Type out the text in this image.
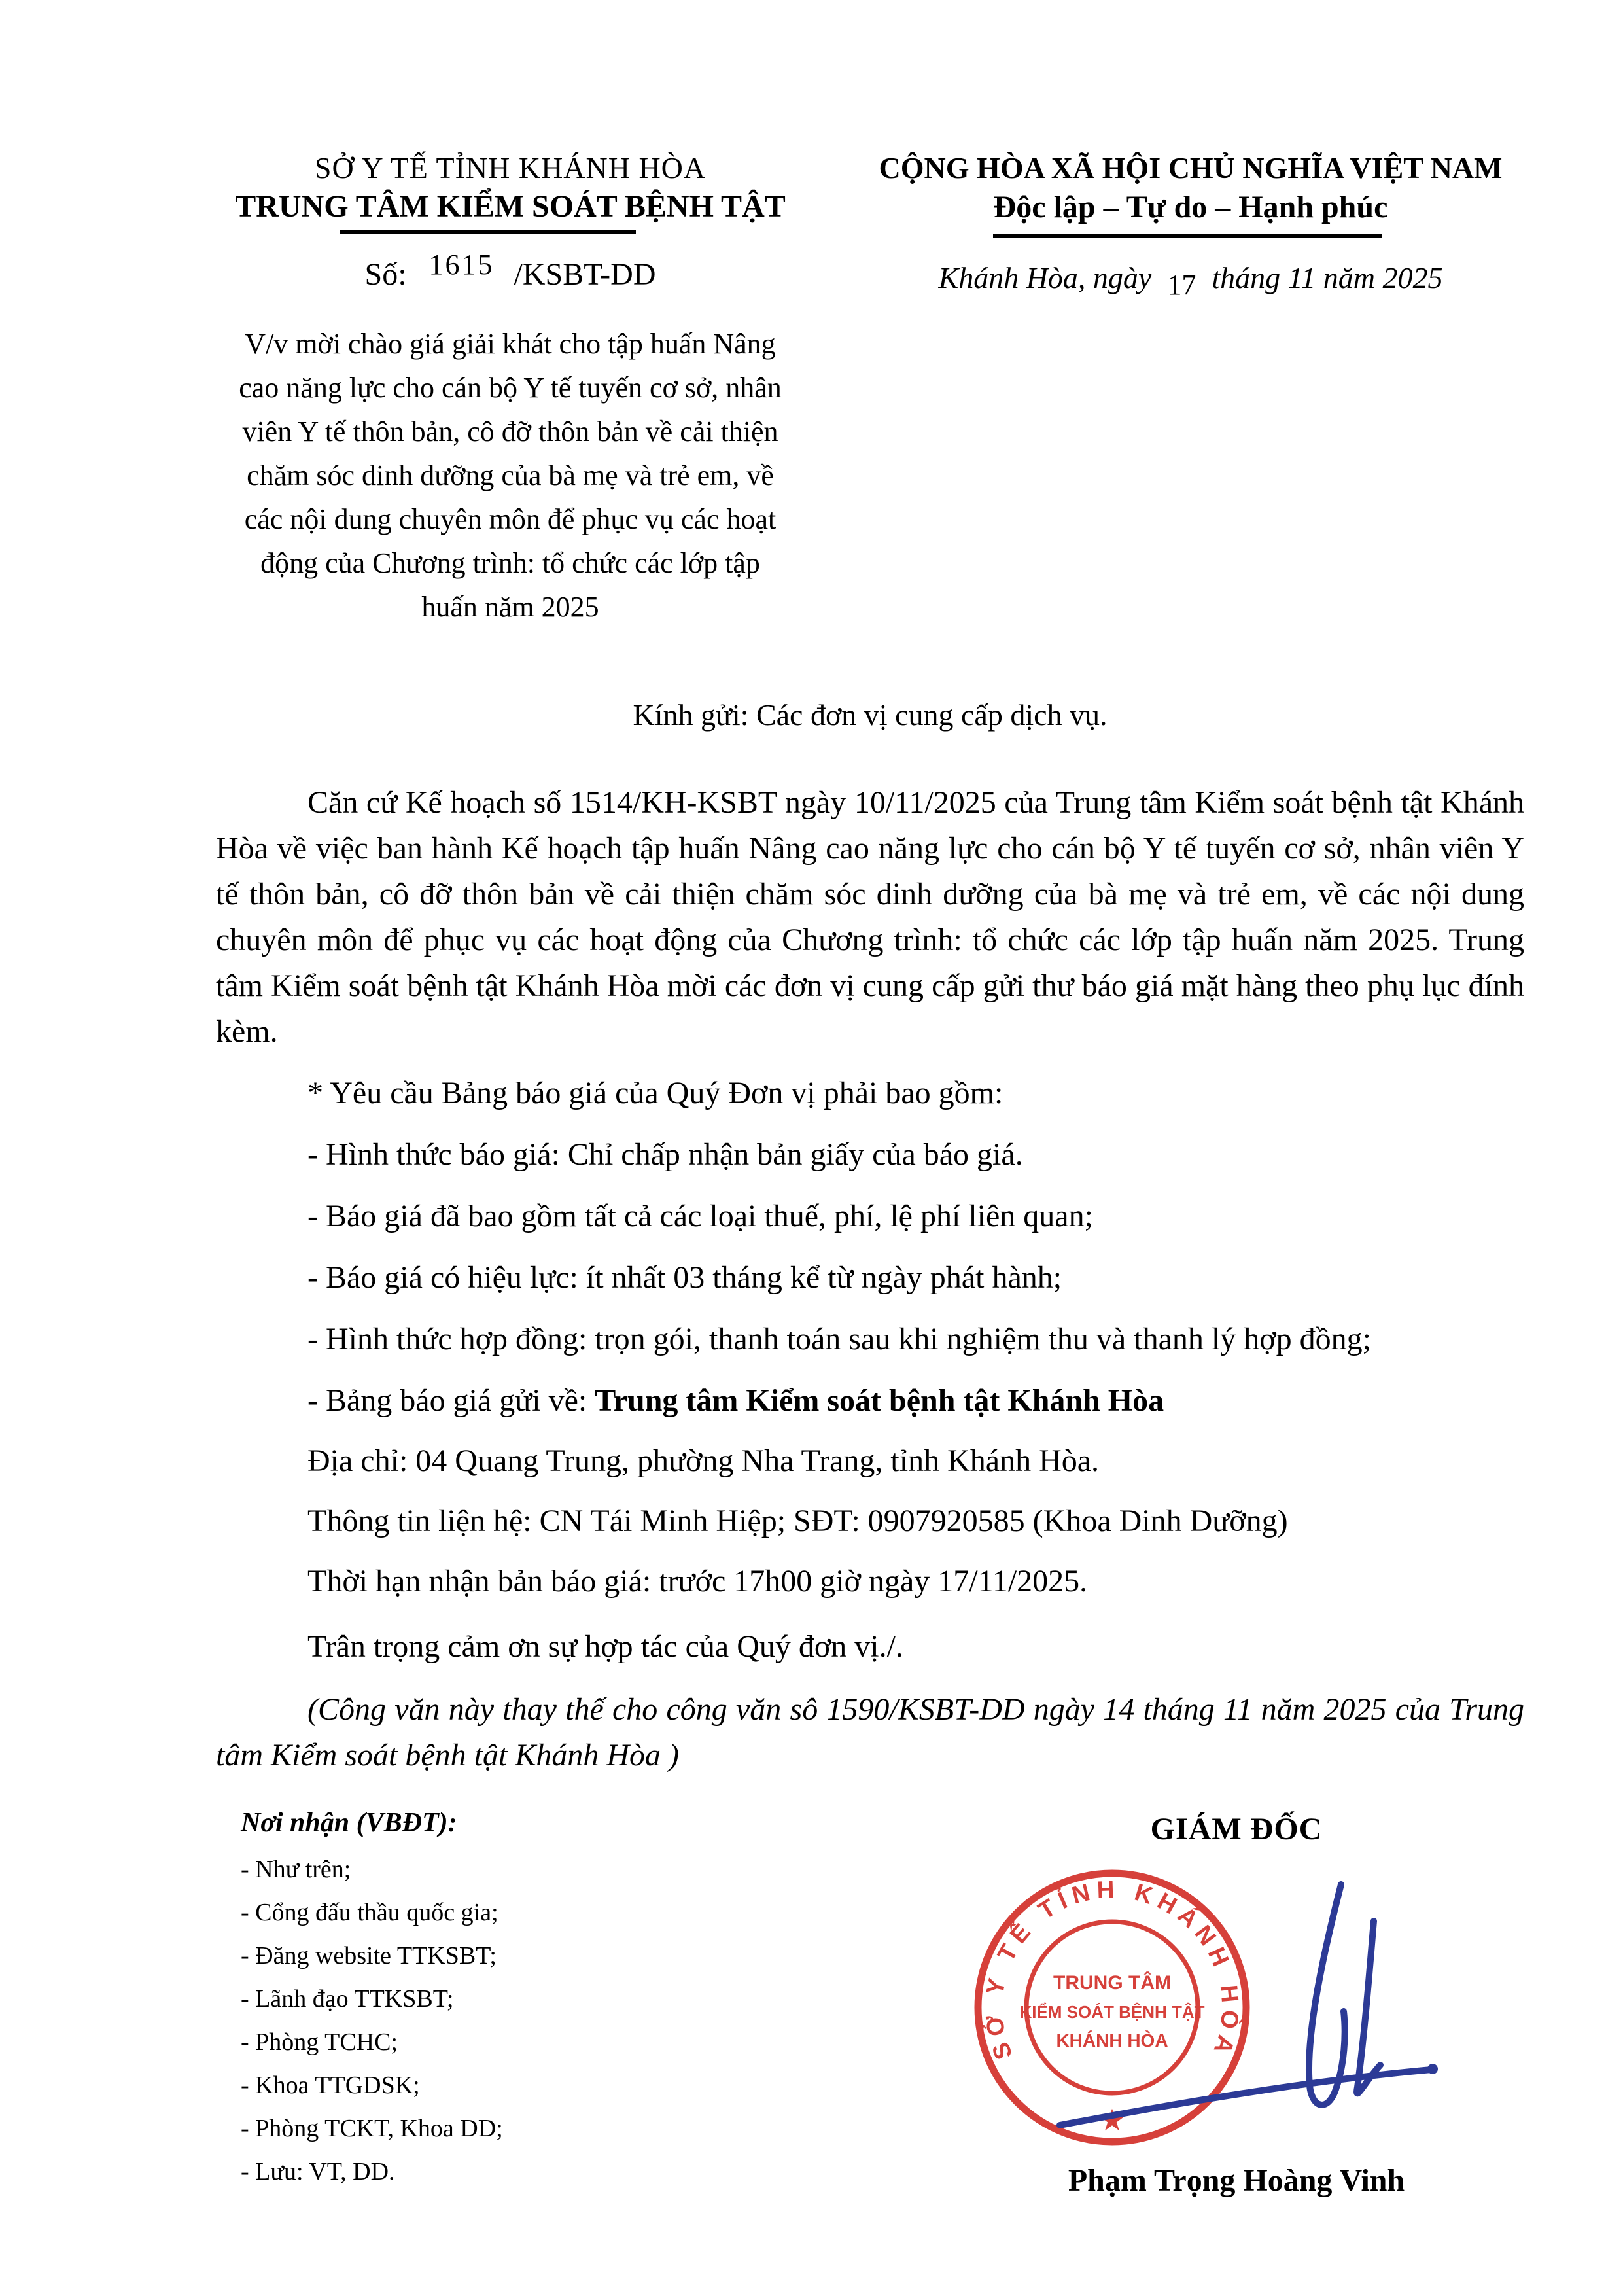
SỞ Y TẾ TỈNH KHÁNH HÒA
TRUNG TÂM KIỂM SOÁT BỆNH TẬT
Số: 1615 /KSBT-DD
CỘNG HÒA XÃ HỘI CHỦ NGHĨA VIỆT NAM
Độc lập – Tự do – Hạnh phúc
Khánh Hòa, ngày 17 tháng 11 năm 2025
V/v mời chào giá giải khát cho tập huấn Nâng cao năng lực cho cán bộ Y tế tuyến cơ sở, nhân viên Y tế thôn bản, cô đỡ thôn bản về cải thiện chăm sóc dinh dưỡng của bà mẹ và trẻ em, về các nội dung chuyên môn để phục vụ các hoạt động của Chương trình: tổ chức các lớp tập huấn năm 2025
Kính gửi: Các đơn vị cung cấp dịch vụ.

Căn cứ Kế hoạch số 1514/KH-KSBT ngày 10/11/2025 của Trung tâm Kiểm soát bệnh tật Khánh Hòa về việc ban hành Kế hoạch tập huấn Nâng cao năng lực cho cán bộ Y tế tuyến cơ sở, nhân viên Y tế thôn bản, cô đỡ thôn bản về cải thiện chăm sóc dinh dưỡng của bà mẹ và trẻ em, về các nội dung chuyên môn để phục vụ các hoạt động của Chương trình: tổ chức các lớp tập huấn năm 2025. Trung tâm Kiểm soát bệnh tật Khánh Hòa mời các đơn vị cung cấp gửi thư báo giá mặt hàng theo phụ lục đính kèm.

* Yêu cầu Bảng báo giá của Quý Đơn vị phải bao gồm:

- Hình thức báo giá: Chỉ chấp nhận bản giấy của báo giá.

- Báo giá đã bao gồm tất cả các loại thuế, phí, lệ phí liên quan;

- Báo giá có hiệu lực: ít nhất 03 tháng kể từ ngày phát hành;

- Hình thức hợp đồng: trọn gói, thanh toán sau khi nghiệm thu và thanh lý hợp đồng;

- Bảng báo giá gửi về: Trung tâm Kiểm soát bệnh tật Khánh Hòa

Địa chỉ: 04 Quang Trung, phường Nha Trang, tỉnh Khánh Hòa.

Thông tin liện hệ: CN Tái Minh Hiệp; SĐT: 0907920585 (Khoa Dinh Dưỡng)

Thời hạn nhận bản báo giá: trước 17h00 giờ ngày 17/11/2025.

Trân trọng cảm ơn sự hợp tác của Quý đơn vị./.

(Công văn này thay thế cho công văn sô 1590/KSBT-DD ngày 14 tháng 11 năm 2025 của Trung tâm Kiểm soát bệnh tật Khánh Hòa )

Nơi nhận (VBĐT):
- Như trên;
- Cổng đấu thầu quốc gia;
- Đăng website TTKSBT;
- Lãnh đạo TTKSBT;
- Phòng TCHC;
- Khoa TTGDSK;
- Phòng TCKT, Khoa DD;
- Lưu: VT, DD.
GIÁM ĐỐC
Phạm Trọng Hoàng Vinh
SỞ Y TẾ TỈNH KHÁNH HÒA
TRUNG TÂM
KIỂM SOÁT BỆNH TẬT
KHÁNH HÒA
★
